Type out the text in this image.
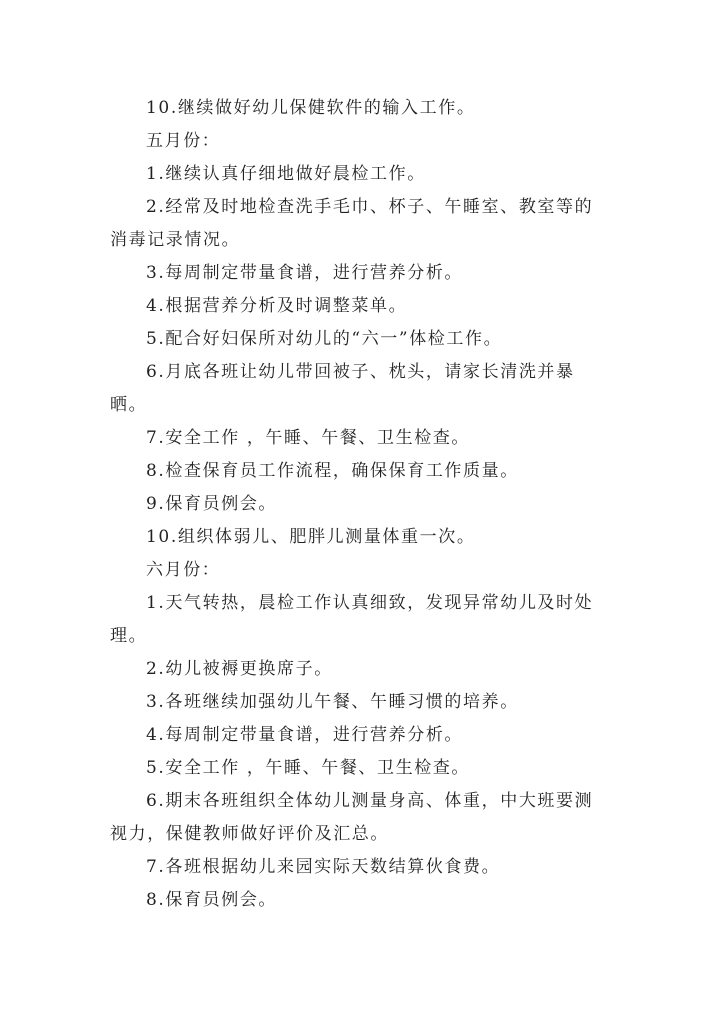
10.继续做好幼儿保健软件的输入工作。

五月份：

1.继续认真仔细地做好晨检工作。

2.经常及时地检查洗手毛巾、杯子、午睡室、教室等的消毒记录情况。

3.每周制定带量食谱，进行营养分析。

4.根据营养分析及时调整菜单。

5.配合好妇保所对幼儿的“六一”体检工作。

6.月底各班让幼儿带回被子、枕头，请家长清洗并暴晒。

7.安全工作 ，午睡、午餐、卫生检查。

8.检查保育员工作流程，确保保育工作质量。

9.保育员例会。

10.组织体弱儿、肥胖儿测量体重一次。

六月份：

1.天气转热，晨检工作认真细致，发现异常幼儿及时处理。

2.幼儿被褥更换席子。

3.各班继续加强幼儿午餐、午睡习惯的培养。

4.每周制定带量食谱，进行营养分析。

5.安全工作 ，午睡、午餐、卫生检查。

6.期末各班组织全体幼儿测量身高、体重，中大班要测视力，保健教师做好评价及汇总。

7.各班根据幼儿来园实际天数结算伙食费。

8.保育员例会。
